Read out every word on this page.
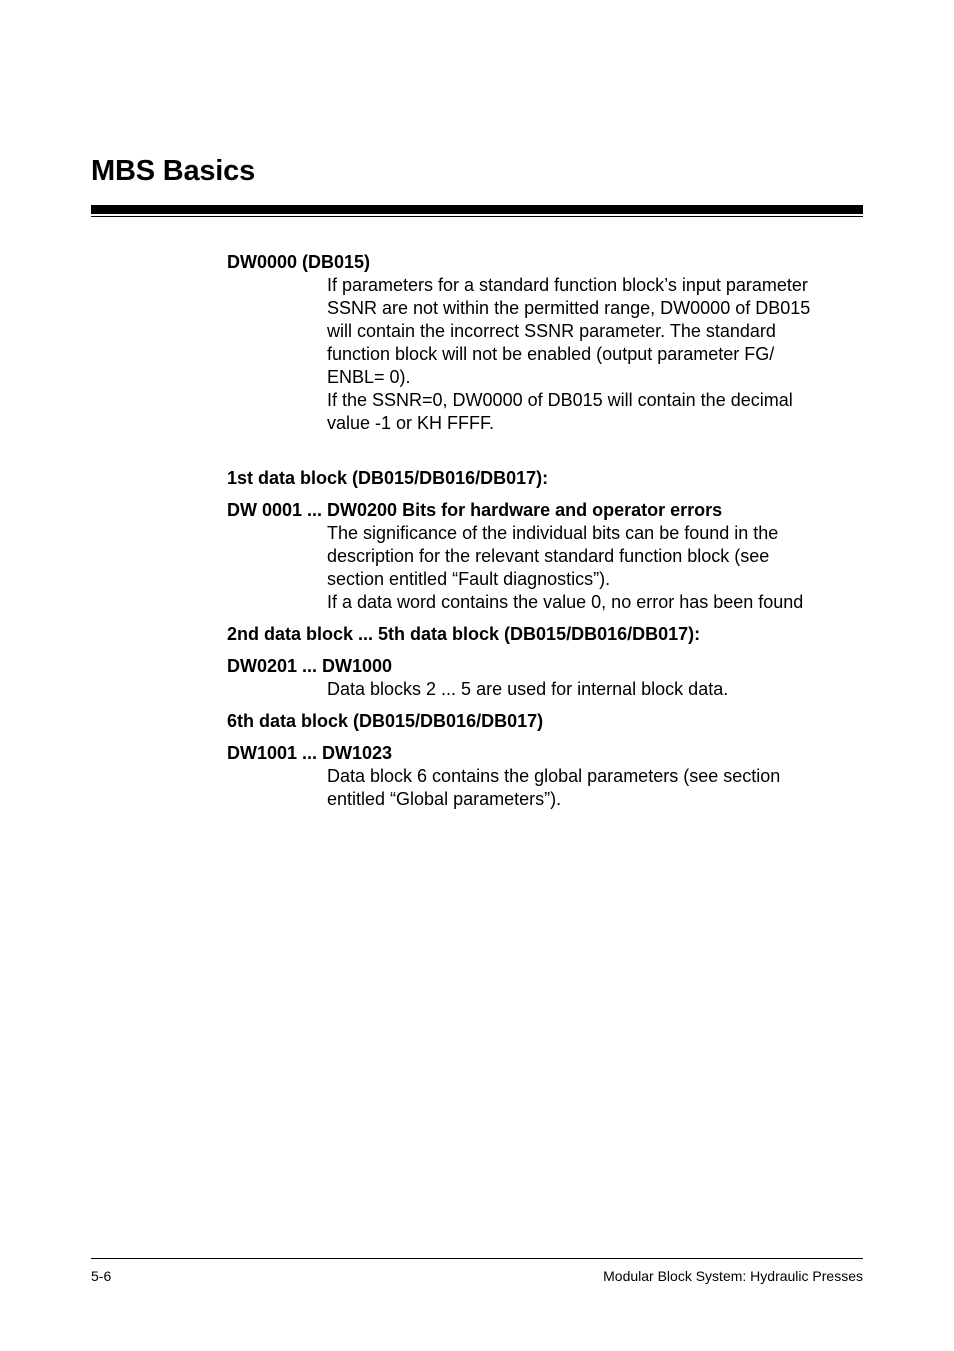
MBS Basics
DW0000 (DB015)

If parameters for a standard function block’s input parameter

SSNR are not within the permitted range, DW0000 of DB015

will contain the incorrect SSNR parameter. The standard

function block will not be enabled (output parameter FG/

ENBL= 0).

If the SSNR=0, DW0000 of DB015 will contain the decimal

value -1 or KH FFFF.

1st data block (DB015/DB016/DB017):
DW 0001 ... DW0200 Bits for hardware and operator errors

The significance of the individual bits can be found in the

description for the relevant standard function block (see

section entitled “Fault diagnostics”).

If a data word contains the value 0, no error has been found

2nd data block ... 5th data block (DB015/DB016/DB017):
DW0201 ... DW1000

Data blocks 2 ... 5 are used for internal block data.

6th data block (DB015/DB016/DB017)
DW1001 ... DW1023

Data block 6 contains the global parameters (see section

entitled “Global parameters”).

5-6	Modular Block System: Hydraulic Presses
